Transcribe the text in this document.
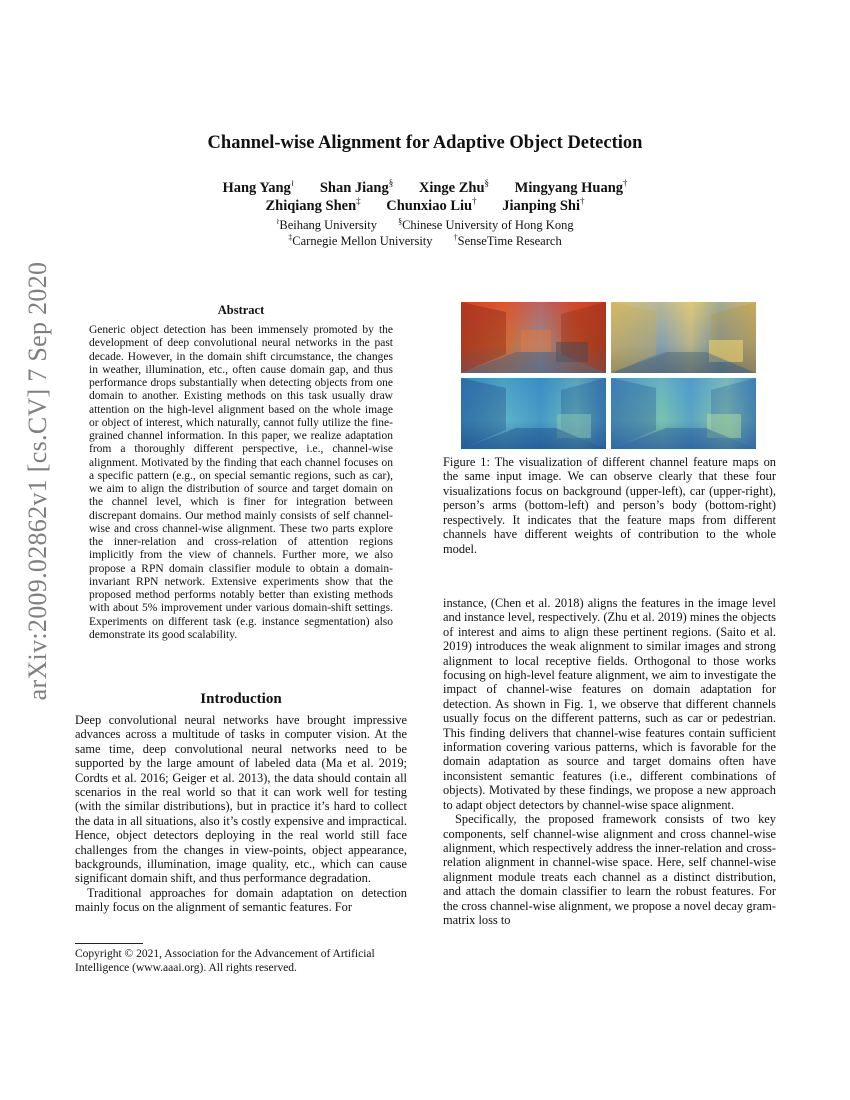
arXiv:2009.02862v1 [cs.CV] 7 Sep 2020
Channel-wise Alignment for Adaptive Object Detection
Hang Yang≀ Shan Jiang§ Xinge Zhu§ Mingyang Huang†
Zhiqiang Shen‡ Chunxiao Liu† Jianping Shi†
≀Beihang University	§Chinese University of Hong Kong
‡Carnegie Mellon University	†SenseTime Research
Abstract
Generic object detection has been immensely promoted by the development of deep convolutional neural networks in the past decade. However, in the domain shift circumstance, the changes in weather, illumination, etc., often cause domain gap, and thus performance drops substantially when detecting objects from one domain to another. Existing methods on this task usually draw attention on the high-level alignment based on the whole image or object of interest, which naturally, cannot fully utilize the fine-grained channel information. In this paper, we realize adaptation from a thoroughly different perspective, i.e., channel-wise alignment. Motivated by the finding that each channel focuses on a specific pattern (e.g., on special semantic regions, such as car), we aim to align the distribution of source and target domain on the channel level, which is finer for integration between discrepant domains. Our method mainly consists of self channel-wise and cross channel-wise alignment. These two parts explore the inner-relation and cross-relation of attention regions implicitly from the view of channels. Further more, we also propose a RPN domain classifier module to obtain a domain-invariant RPN network. Extensive experiments show that the proposed method performs notably better than existing methods with about 5% improvement under various domain-shift settings. Experiments on different task (e.g. instance segmentation) also demonstrate its good scalability.
Introduction

Deep convolutional neural networks have brought impressive advances across a multitude of tasks in computer vision. At the same time, deep convolutional neural networks need to be supported by the large amount of labeled data (Ma et al. 2019; Cordts et al. 2016; Geiger et al. 2013), the data should contain all scenarios in the real world so that it can work well for testing (with the similar distributions), but in practice it’s hard to collect the data in all situations, also it’s costly expensive and impractical. Hence, object detectors deploying in the real world still face challenges from the changes in view-points, object appearance, backgrounds, illumination, image quality, etc., which can cause significant domain shift, and thus performance degradation.

Traditional approaches for domain adaptation on detection mainly focus on the alignment of semantic features. For

Copyright © 2021, Association for the Advancement of Artificial Intelligence (www.aaai.org). All rights reserved.
Figure 1: The visualization of different channel feature maps on the same input image. We can observe clearly that these four visualizations focus on background (upper-left), car (upper-right), person’s arms (bottom-left) and person’s body (bottom-right) respectively. It indicates that the feature maps from different channels have different weights of contribution to the whole model.

instance, (Chen et al. 2018) aligns the features in the image level and instance level, respectively. (Zhu et al. 2019) mines the objects of interest and aims to align these pertinent regions. (Saito et al. 2019) introduces the weak alignment to similar images and strong alignment to local receptive fields. Orthogonal to those works focusing on high-level feature alignment, we aim to investigate the impact of channel-wise features on domain adaptation for detection. As shown in Fig. 1, we observe that different channels usually focus on the different patterns, such as car or pedestrian. This finding delivers that channel-wise features contain sufficient information covering various patterns, which is favorable for the domain adaptation as source and target domains often have inconsistent semantic features (i.e., different combinations of objects). Motivated by these findings, we propose a new approach to adapt object detectors by channel-wise space alignment.

Specifically, the proposed framework consists of two key components, self channel-wise alignment and cross channel-wise alignment, which respectively address the inner-relation and cross-relation alignment in channel-wise space. Here, self channel-wise alignment module treats each channel as a distinct distribution, and attach the domain classifier to learn the robust features. For the cross channel-wise alignment, we propose a novel decay gram-matrix loss to
